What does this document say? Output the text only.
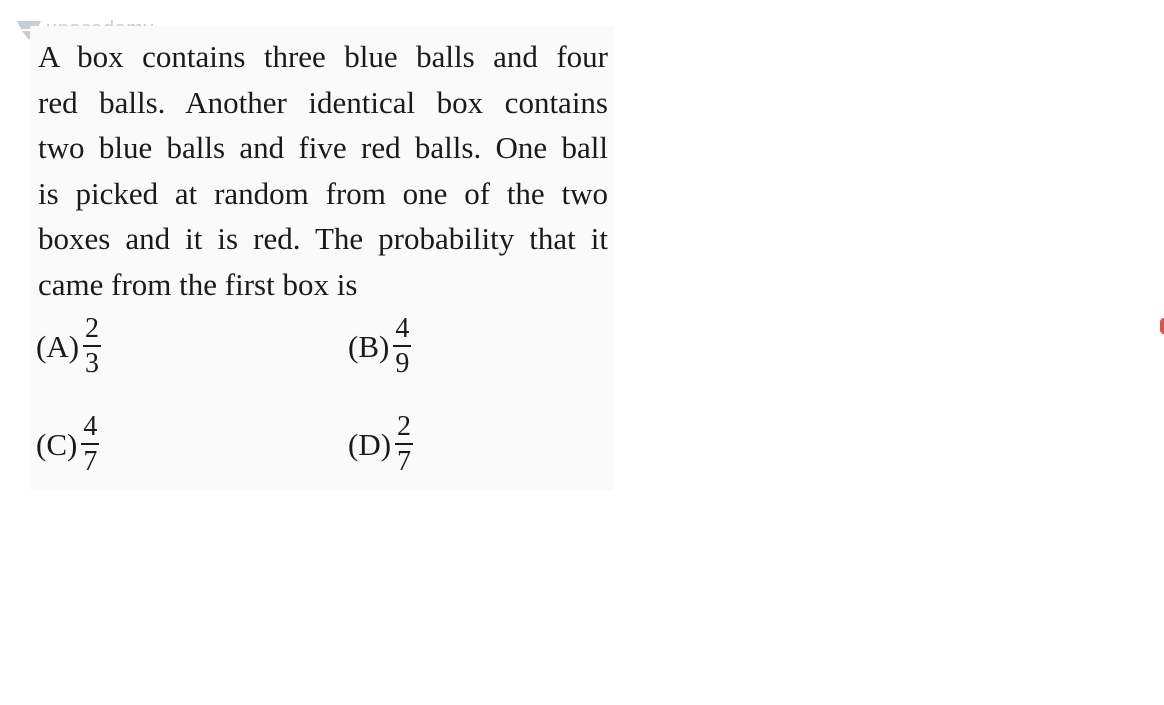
A box contains three blue balls and four
red balls. Another identical box contains
two blue balls and five red balls. One ball
is picked at random from one of the two
boxes and it is red. The probability that it
came from the first box is
$(A) \frac{2}{3}$	$(B) \frac{4}{9}$
$(C) \frac{4}{7}$	$(D) \frac{2}{7}$
